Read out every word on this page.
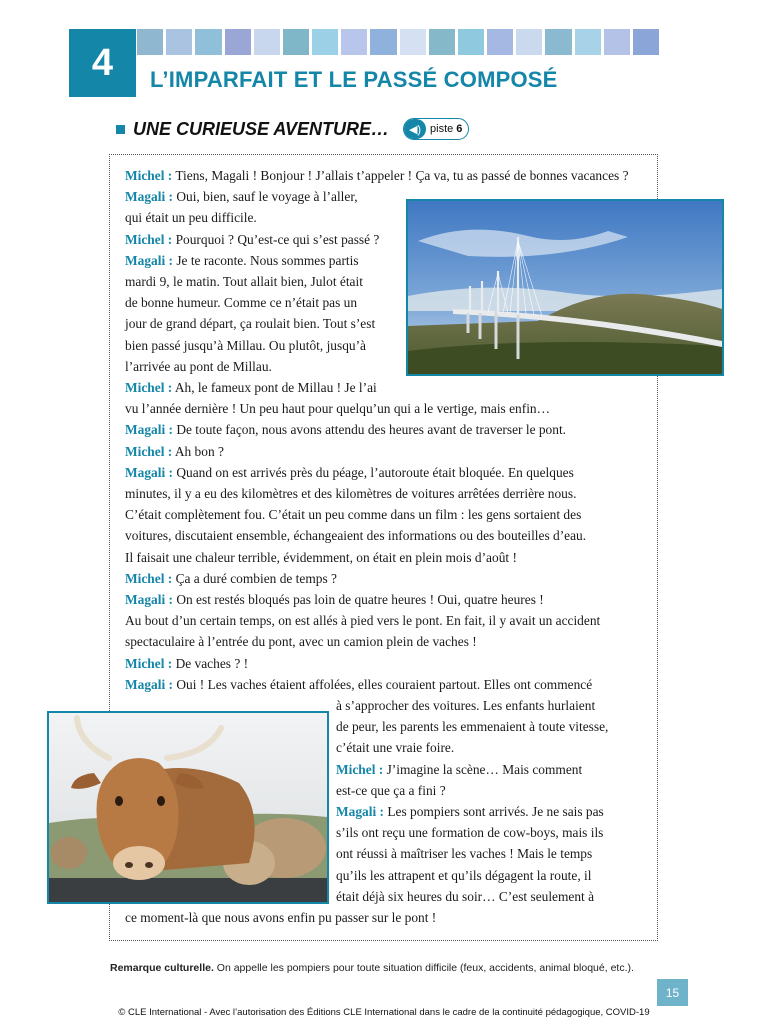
4 L’IMPARFAIT ET LE PASSÉ COMPOSÉ
UNE CURIEUSE AVENTURE…	◀) piste 6
Michel : Tiens, Magali ! Bonjour ! J’allais t’appeler ! Ça va, tu as passé de bonnes vacances ?
Magali : Oui, bien, sauf le voyage à l’aller,
qui était un peu difficile.
Michel : Pourquoi ? Qu’est-ce qui s’est passé ?
Magali : Je te raconte. Nous sommes partis
mardi 9, le matin. Tout allait bien, Julot était
de bonne humeur. Comme ce n’était pas un
jour de grand départ, ça roulait bien. Tout s’est
bien passé jusqu’à Millau. Ou plutôt, jusqu’à
l’arrivée au pont de Millau.
Michel : Ah, le fameux pont de Millau ! Je l’ai
vu l’année dernière ! Un peu haut pour quelqu’un qui a le vertige, mais enfin…
Magali : De toute façon, nous avons attendu des heures avant de traverser le pont.
Michel : Ah bon ?
Magali : Quand on est arrivés près du péage, l’autoroute était bloquée. En quelques
minutes, il y a eu des kilomètres et des kilomètres de voitures arrêtées derrière nous.
C’était complètement fou. C’était un peu comme dans un film : les gens sortaient des
voitures, discutaient ensemble, échangeaient des informations ou des bouteilles d’eau.
Il faisait une chaleur terrible, évidemment, on était en plein mois d’août !
Michel : Ça a duré combien de temps ?
Magali : On est restés bloqués pas loin de quatre heures ! Oui, quatre heures !
Au bout d’un certain temps, on est allés à pied vers le pont. En fait, il y avait un accident
spectaculaire à l’entrée du pont, avec un camion plein de vaches !
Michel : De vaches ? !
Magali : Oui ! Les vaches étaient affolées, elles couraient partout. Elles ont commencé
à s’approcher des voitures. Les enfants hurlaient
de peur, les parents les emmenaient à toute vitesse,
c’était une vraie foire.
Michel : J’imagine la scène… Mais comment
est-ce que ça a fini ?
Magali : Les pompiers sont arrivés. Je ne sais pas
s’ils ont reçu une formation de cow-boys, mais ils
ont réussi à maîtriser les vaches ! Mais le temps
qu’ils les attrapent et qu’ils dégagent la route, il
était déjà six heures du soir… C’est seulement à
ce moment-là que nous avons enfin pu passer sur le pont !
Remarque culturelle. On appelle les pompiers pour toute situation difficile (feux, accidents, animal bloqué, etc.).
15
© CLE International - Avec l’autorisation des Éditions CLE International dans le cadre de la continuité pédagogique, COVID-19
